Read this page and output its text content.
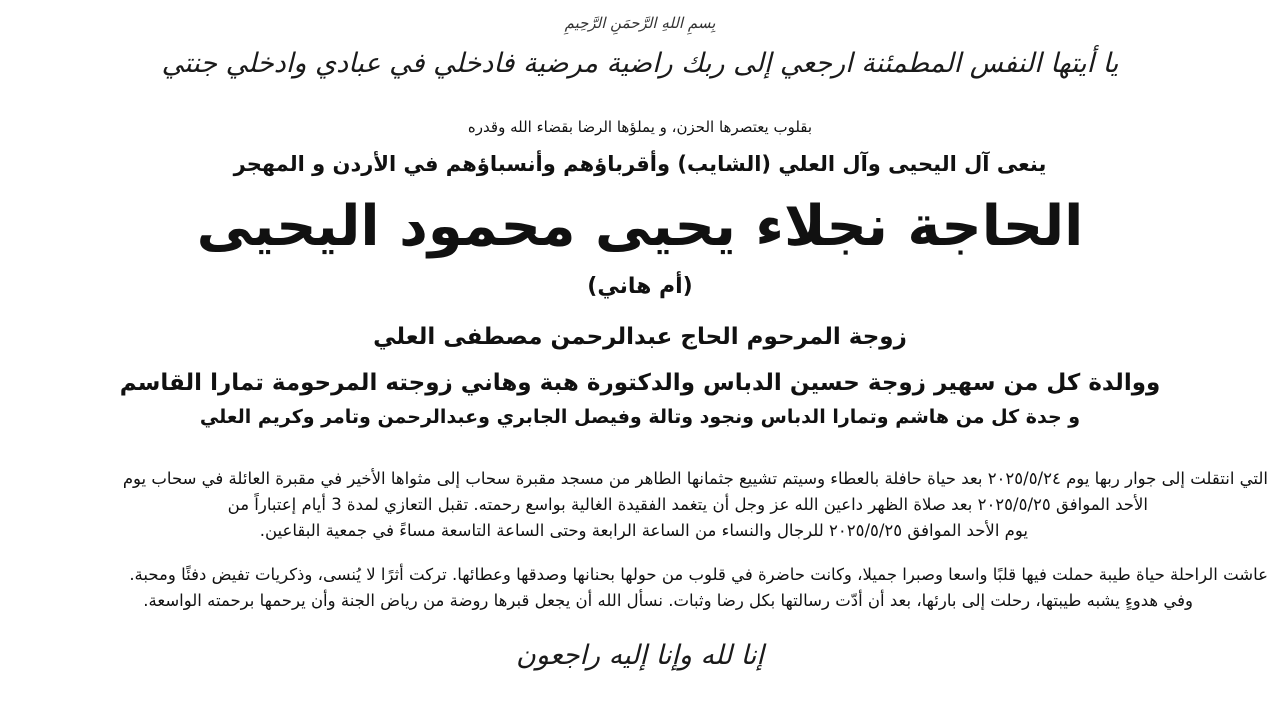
بِسمِ اللهِ الرَّحمَنِ الرَّحِيمِ
يا أيتها النفس المطمئنة ارجعي إلى ربك راضية مرضية فادخلي في عبادي وادخلي جنتي
بقلوب يعتصرها الحزن، و يملؤها الرضا بقضاء الله وقدره
ينعى آل اليحيى وآل العلي (الشايب) وأقرباؤهم وأنسباؤهم في الأردن و المهجر
الحاجة نجلاء يحيى محمود اليحيى
(أم هاني)
زوجة المرحوم الحاج عبدالرحمن مصطفى العلي
ووالدة كل من سهير زوجة حسين الدباس والدكتورة هبة وهاني زوجته المرحومة تمارا القاسم
و جدة كل من هاشم وتمارا الدباس ونجود وتالة وفيصل الجابري وعبدالرحمن وتامر وكريم العلي
التي انتقلت إلى جوار ربها يوم ٢٠٢٥/٥/٢٤ بعد حياة حافلة بالعطاء وسيتم تشييع جثمانها الطاهر من مسجد مقبرة سحاب إلى مثواها الأخير في مقبرة العائلة في سحاب يوم
الأحد الموافق ٢٠٢٥/٥/٢٥ بعد صلاة الظهر داعين الله عز وجل أن يتغمد الفقيدة الغالية بواسع رحمته. تقبل التعازي لمدة 3 أيام إعتباراً من
يوم الأحد الموافق ٢٠٢٥/٥/٢٥ للرجال والنساء من الساعة الرابعة وحتى الساعة التاسعة مساءً في جمعية البقاعين.
عاشت الراحلة حياة طيبة حملت فيها قلبًا واسعا وصبرا جميلا، وكانت حاضرة في قلوب من حولها بحنانها وصدقها وعطائها. تركت أثرًا لا يُنسى، وذكريات تفيض دفئًا ومحبة.
وفي هدوءٍ يشبه طيبتها، رحلت إلى بارئها، بعد أن أدّت رسالتها بكل رضا وثبات. نسأل الله أن يجعل قبرها روضة من رياض الجنة وأن يرحمها برحمته الواسعة.
إنا لله وإنا إليه راجعون
